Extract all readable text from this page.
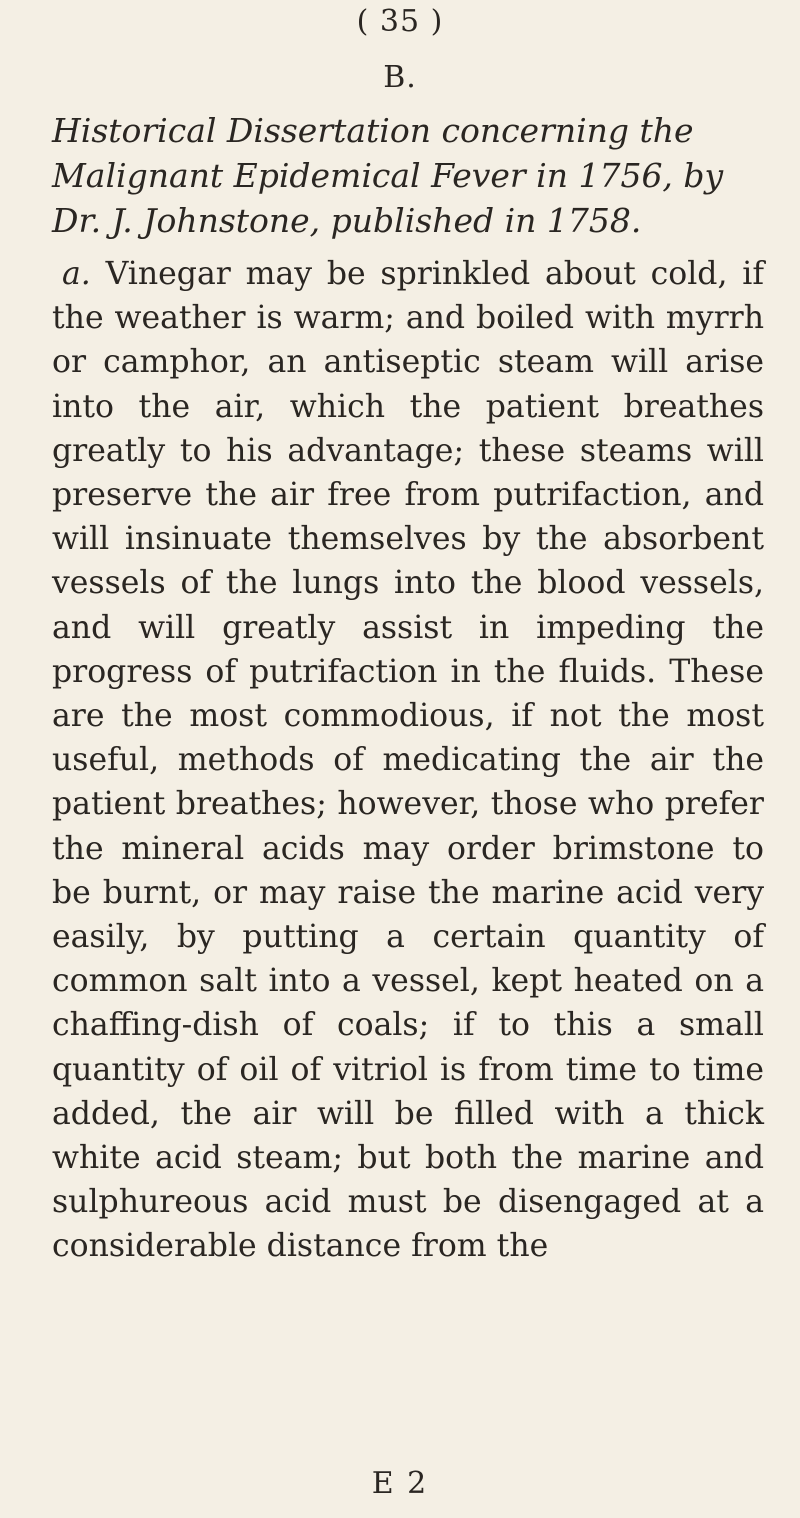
( 35 )
B.

Historical Dissertation concerning the Malignant Epidemical Fever in 1756, by Dr. J. Johnstone, published in 1758.

a. Vinegar may be sprinkled about cold, if the weather is warm; and boiled with myrrh or camphor, an antiseptic steam will arise into the air, which the patient breathes greatly to his advantage; these steams will preserve the air free from putrifaction, and will insinuate themselves by the absorbent vessels of the lungs into the blood vessels, and will greatly assist in impeding the progress of putrifaction in the fluids. These are the most commodious, if not the most useful, methods of medicating the air the patient breathes; however, those who prefer the mineral acids may order brimstone to be burnt, or may raise the marine acid very easily, by putting a certain quantity of common salt into a vessel, kept heated on a chaffing-dish of coals; if to this a small quantity of oil of vitriol is from time to time added, the air will be filled with a thick white acid steam; but both the marine and sulphureous acid must be disengaged at a considerable distance from the

E 2
